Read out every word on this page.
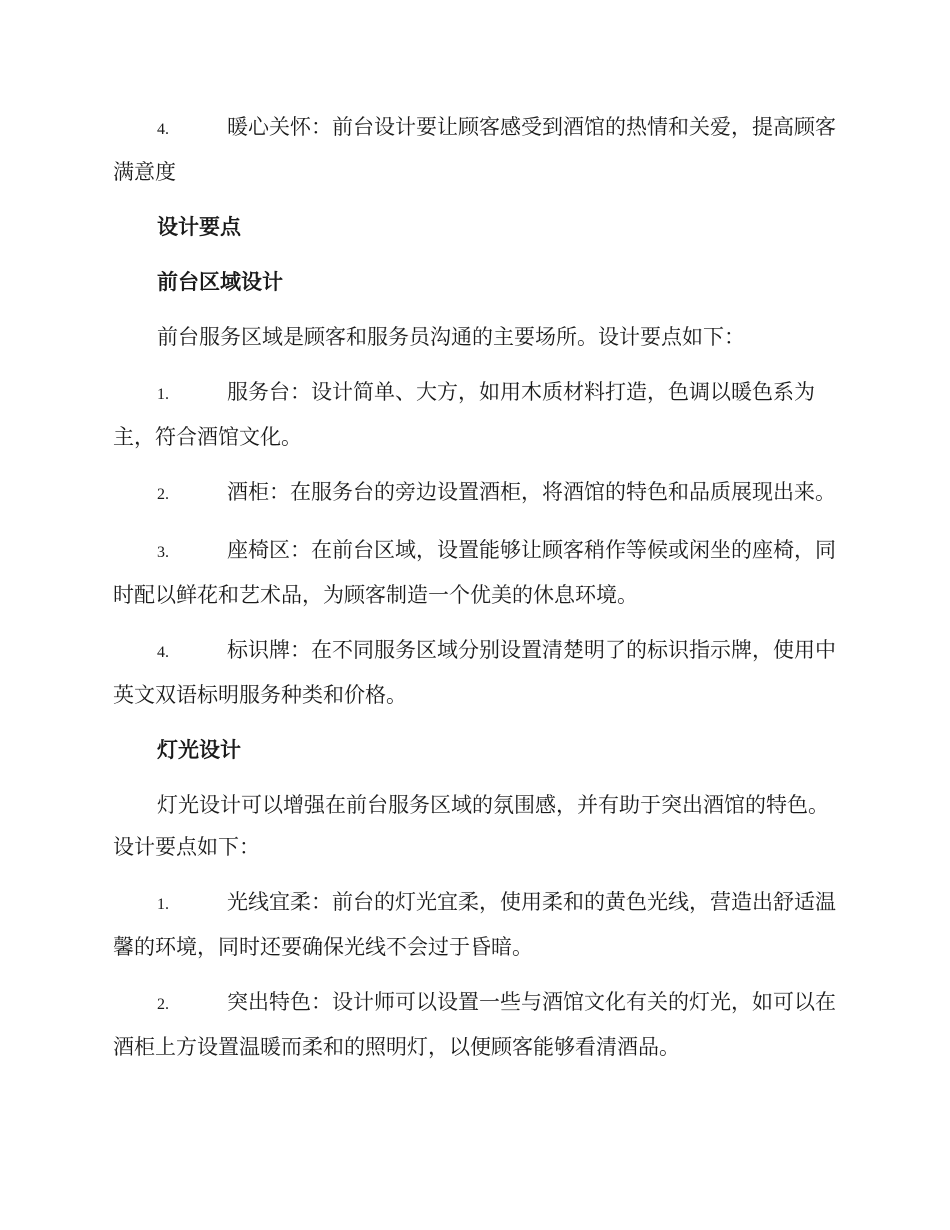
4.	暖心关怀：前台设计要让顾客感受到酒馆的热情和关爱，提高顾客满意度

设计要点

前台区域设计

前台服务区域是顾客和服务员沟通的主要场所。设计要点如下：

1.	服务台：设计简单、大方，如用木质材料打造，色调以暖色系为主，符合酒馆文化。

2.	酒柜：在服务台的旁边设置酒柜，将酒馆的特色和品质展现出来。

3.	座椅区：在前台区域，设置能够让顾客稍作等候或闲坐的座椅，同时配以鲜花和艺术品，为顾客制造一个优美的休息环境。

4.	标识牌：在不同服务区域分别设置清楚明了的标识指示牌，使用中英文双语标明服务种类和价格。

灯光设计

灯光设计可以增强在前台服务区域的氛围感，并有助于突出酒馆的特色。设计要点如下：

1.	光线宜柔：前台的灯光宜柔，使用柔和的黄色光线，营造出舒适温馨的环境，同时还要确保光线不会过于昏暗。

2.	突出特色：设计师可以设置一些与酒馆文化有关的灯光，如可以在酒柜上方设置温暖而柔和的照明灯，以便顾客能够看清酒品。
